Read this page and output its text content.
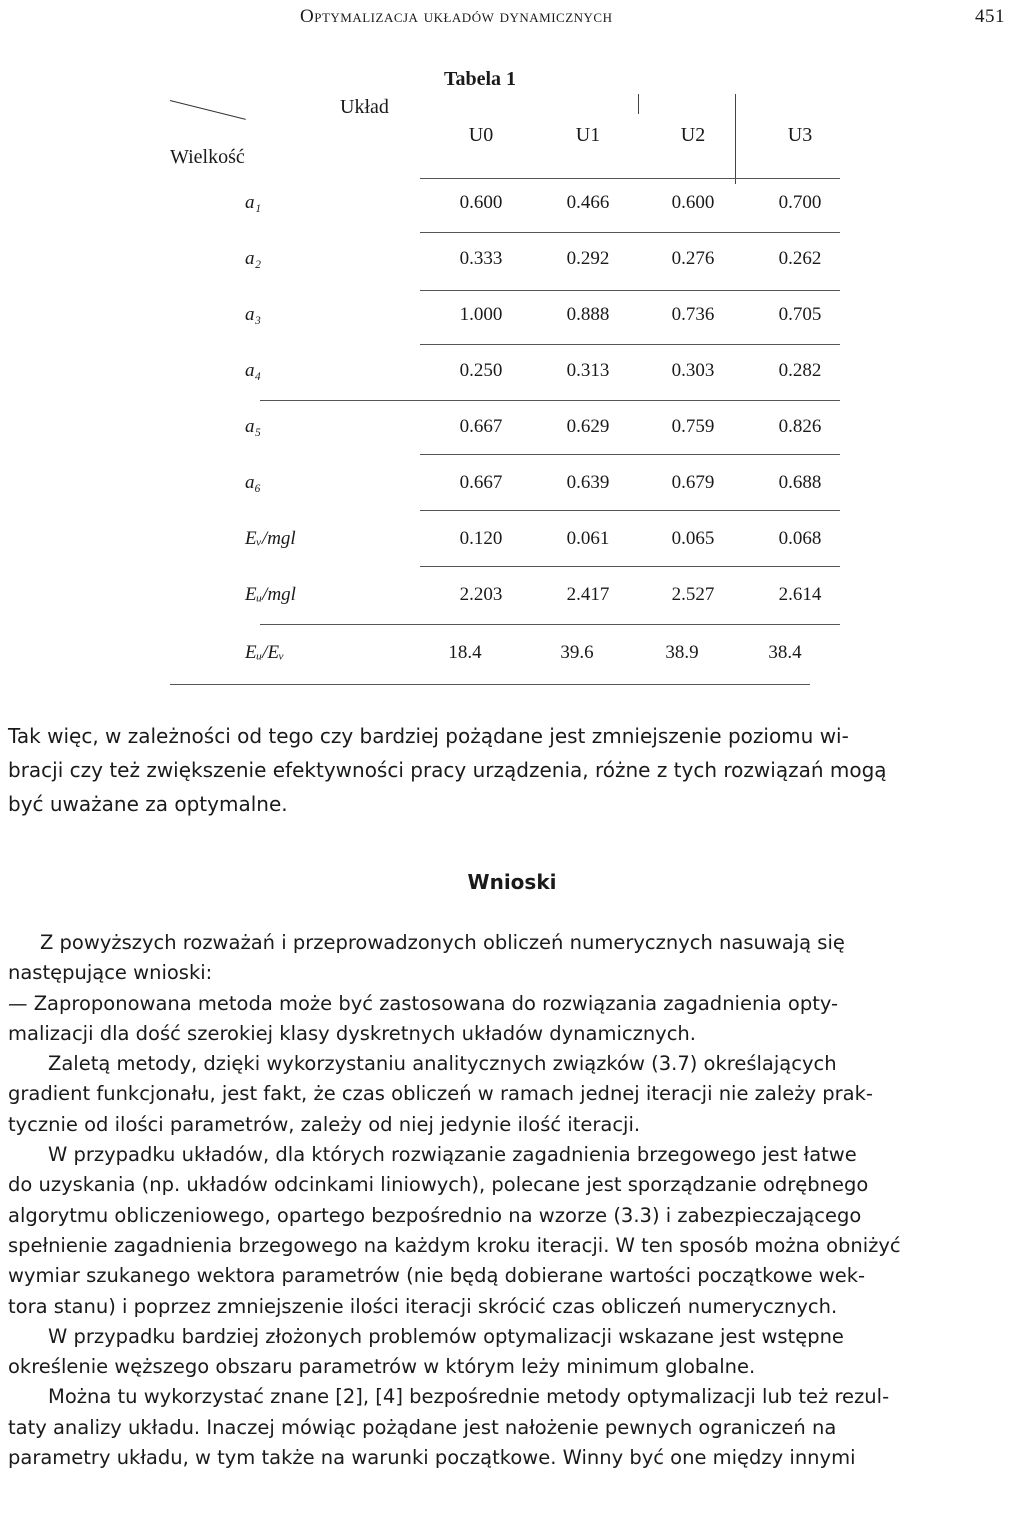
Optymalizacja układów dynamicznych	451
Tabela 1
Układ
Wielkość
U0	U1	U2	U3
a₁	0.600	0.466	0.600	0.700
a₂	0.333	0.292	0.276	0.262
a₃	1.000	0.888	0.736	0.705
a₄	0.250	0.313	0.303	0.282
a₅	0.667	0.629	0.759	0.826
a₆	0.667	0.639	0.679	0.688
Eᵥ/mgl	0.120	0.061	0.065	0.068
Eᵤ/mgl	2.203	2.417	2.527	2.614
Eᵤ/Eᵥ	18.4	39.6	38.9	38.4
Tak więc, w zależności od tego czy bardziej pożądane jest zmniejszenie poziomu wi-
bracji czy też zwiększenie efektywności pracy urządzenia, różne z tych rozwiązań mogą
być uważane za optymalne.
Wnioski
Z powyższych rozważań i przeprowadzonych obliczeń numerycznych nasuwają się
następujące wnioski:
— Zaproponowana metoda może być zastosowana do rozwiązania zagadnienia opty-
malizacji dla dość szerokiej klasy dyskretnych układów dynamicznych.
Zaletą metody, dzięki wykorzystaniu analitycznych związków (3.7) określających
gradient funkcjonału, jest fakt, że czas obliczeń w ramach jednej iteracji nie zależy prak-
tycznie od ilości parametrów, zależy od niej jedynie ilość iteracji.
W przypadku układów, dla których rozwiązanie zagadnienia brzegowego jest łatwe
do uzyskania (np. układów odcinkami liniowych), polecane jest sporządzanie odrębnego
algorytmu obliczeniowego, opartego bezpośrednio na wzorze (3.3) i zabezpieczającego
spełnienie zagadnienia brzegowego na każdym kroku iteracji. W ten sposób można obniżyć
wymiar szukanego wektora parametrów (nie będą dobierane wartości początkowe wek-
tora stanu) i poprzez zmniejszenie ilości iteracji skrócić czas obliczeń numerycznych.
W przypadku bardziej złożonych problemów optymalizacji wskazane jest wstępne
określenie węższego obszaru parametrów w którym leży minimum globalne.
Można tu wykorzystać znane [2], [4] bezpośrednie metody optymalizacji lub też rezul-
taty analizy układu. Inaczej mówiąc pożądane jest nałożenie pewnych ograniczeń na
parametry układu, w tym także na warunki początkowe. Winny być one między innymi
